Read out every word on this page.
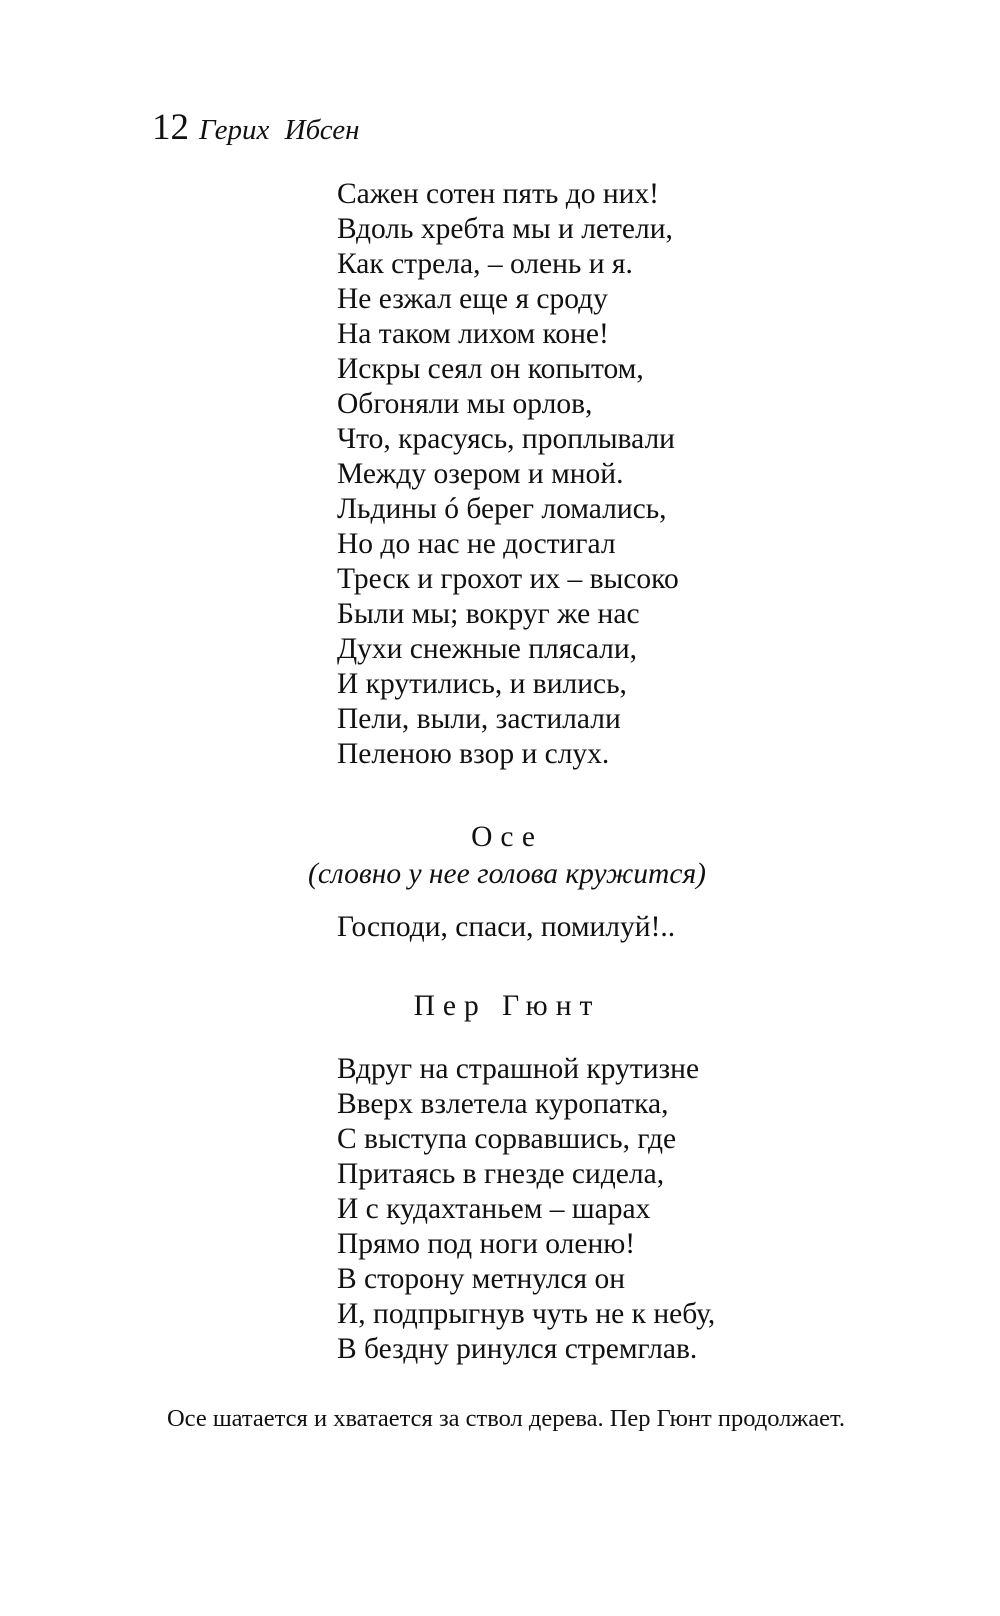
12 Герих Ибсен
Сажен сотен пять до них!
Вдоль хребта мы и летели,
Как стрела, – олень и я.
Не езжал еще я сроду
На таком лихом коне!
Искры сеял он копытом,
Обгоняли мы орлов,
Что, красуясь, проплывали
Между озером и мной.
Льдины ó берег ломались,
Но до нас не достигал
Треск и грохот их – высоко
Были мы; вокруг же нас
Духи снежные плясали,
И крутились, и вились,
Пели, выли, застилали
Пеленою взор и слух.
Осе
(словно у нее голова кружится)
Господи, спаси, помилуй!..
Пер Гюнт
Вдруг на страшной крутизне
Вверх взлетела куропатка,
С выступа сорвавшись, где
Притаясь в гнезде сидела,
И с кудахтаньем – шарах
Прямо под ноги оленю!
В сторону метнулся он
И, подпрыгнув чуть не к небу,
В бездну ринулся стремглав.
Осе шатается и хватается за ствол дерева. Пер Гюнт продолжает.
